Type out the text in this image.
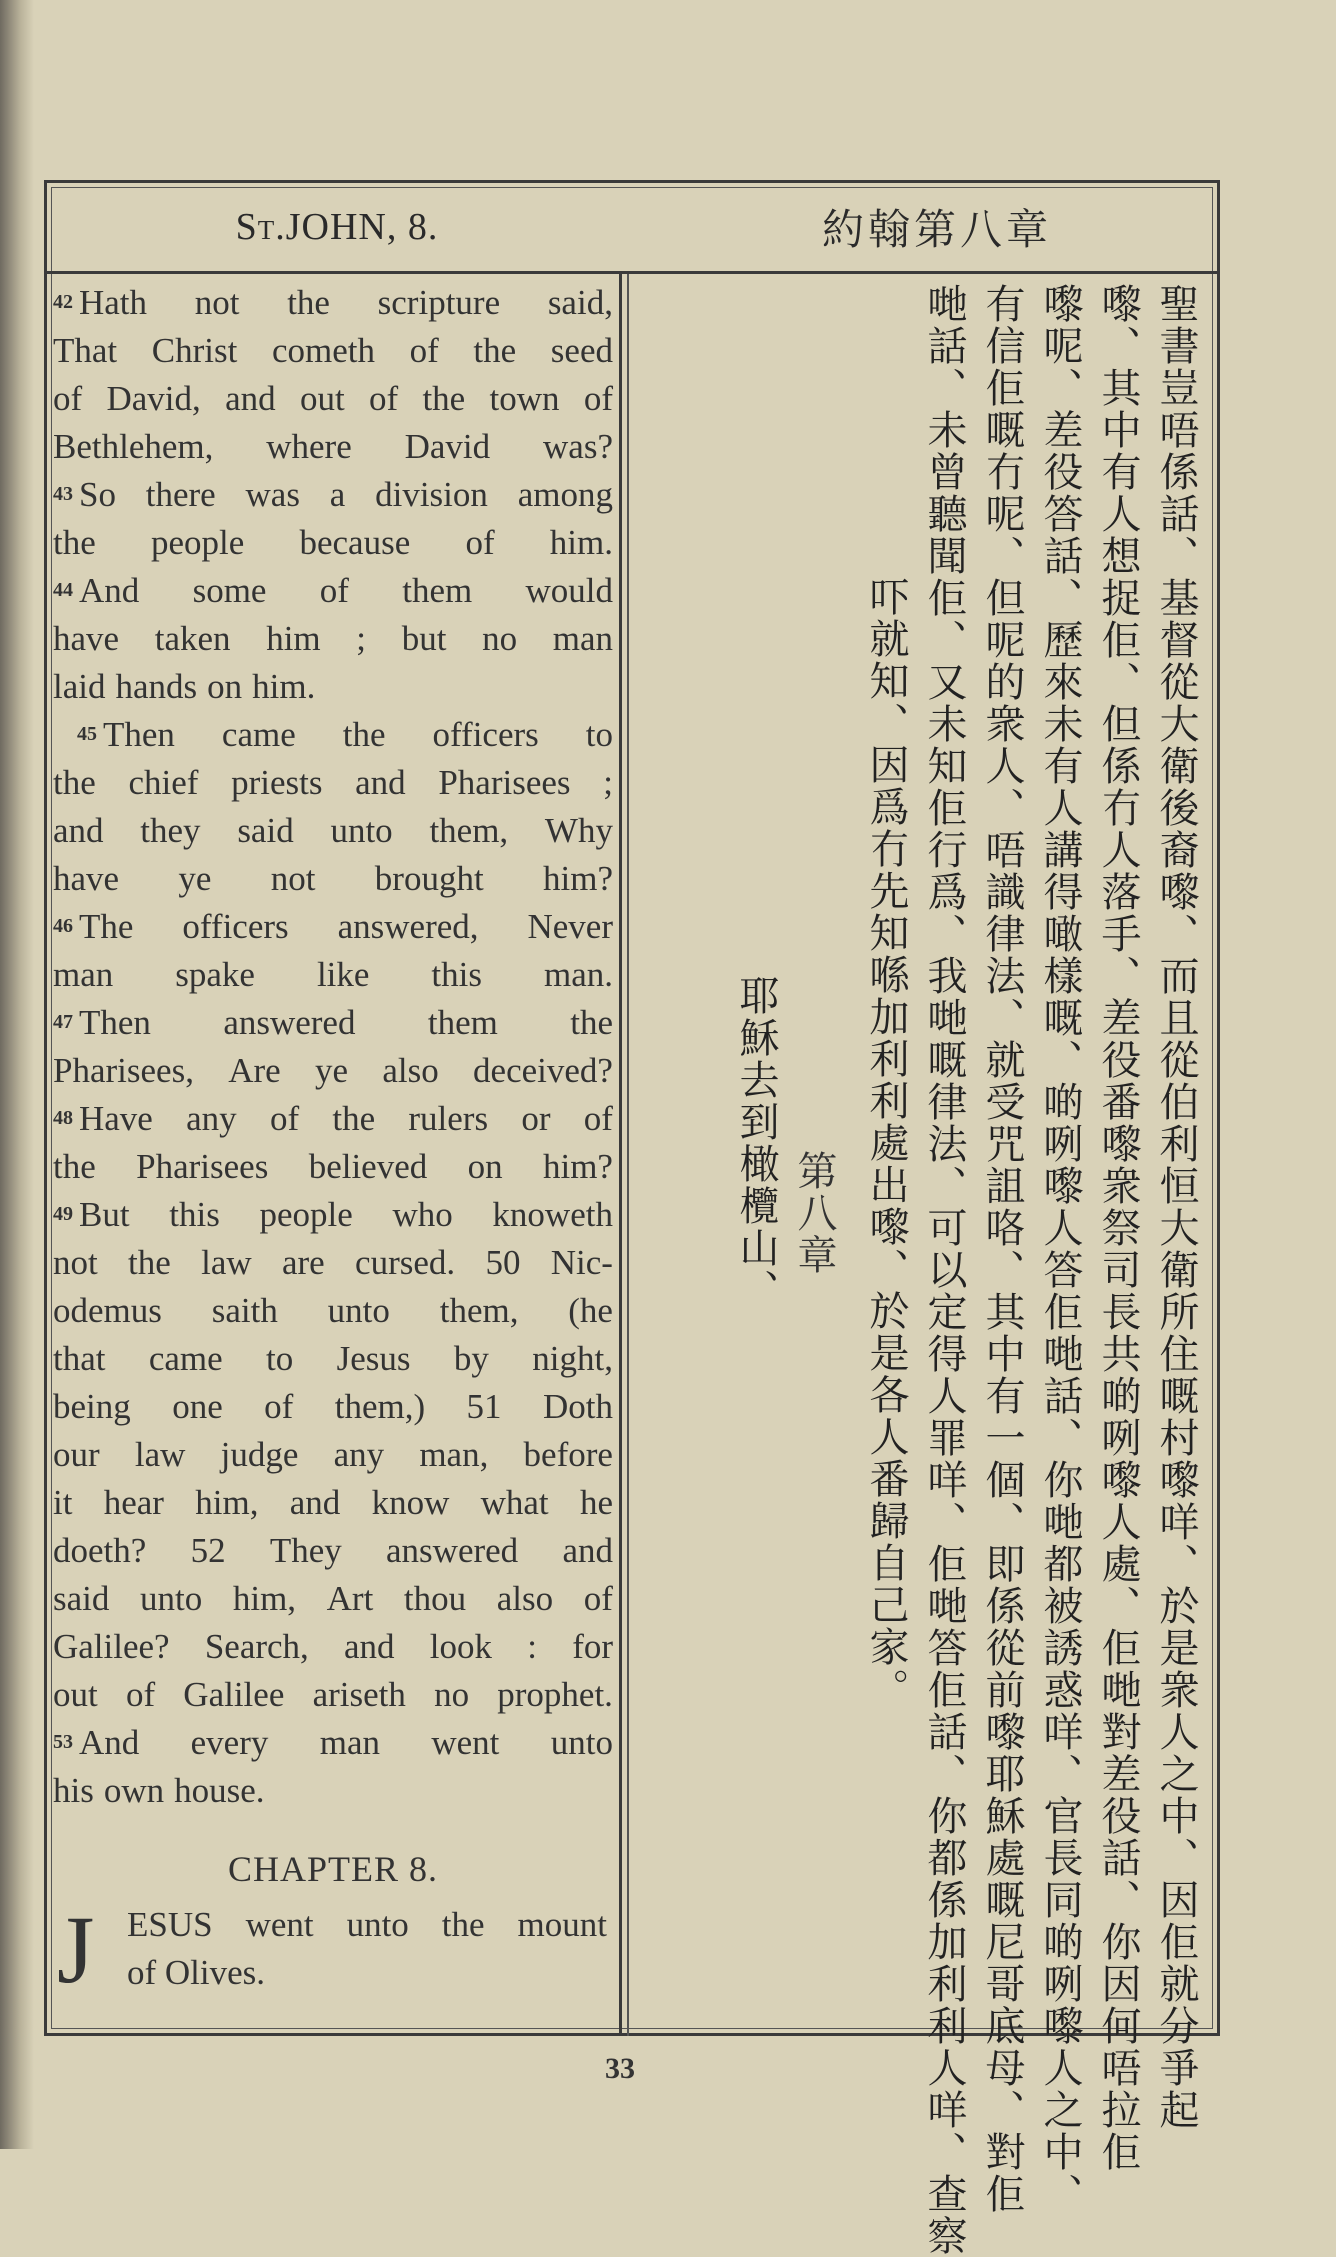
St. JOHN, 8.	約翰第八章
42 Hath not the scripture said,
That Christ cometh of the seed
of David, and out of the town of
Bethlehem, where David was?
43 So there was a division among
the people because of him.
44 And some of them would
have taken him ; but no man
laid hands on him.
45 Then came the officers to
the chief priests and Pharisees ;
and they said unto them, Why
have ye not brought him?
46 The officers answered, Never
man spake like this man.
47 Then answered them the
Pharisees, Are ye also deceived?
48 Have any of the rulers or of
the Pharisees believed on him?
49 But this people who knoweth
not the law are cursed. 50 Nic-
odemus saith unto them, (he
that came to Jesus by night,
being one of them,) 51 Doth
our law judge any man, before
it hear him, and know what he
doeth? 52 They answered and
said unto him, Art thou also of
Galilee? Search, and look : for
out of Galilee ariseth no prophet.
53 And every man went unto
his own house.
CHAPTER 8.
J ESUS went unto the mount
of Olives.	聖書豈唔係話、基督從大衛後裔嚟、而且從伯利恒大衛所住嘅村嚟咩、於是衆人之中、因佢就分爭起
嚟、其中有人想捉佢、但係冇人落手、差役番嚟衆祭司長共啲咧嚟人處、佢哋對差役話、你因何唔拉佢
嚟呢、差役答話、歷來未有人講得噉樣嘅、啲咧嚟人答佢哋話、你哋都被誘惑咩、官長同啲咧嚟人之中、
有信佢嘅冇呢、但呢的衆人、唔識律法、就受咒詛咯、其中有一個、即係從前嚟耶穌處嘅尼哥底母、對佢
哋話、未曾聽聞佢、又未知佢行爲、我哋嘅律法、可以定得人罪咩、佢哋答佢話、你都係加利利人咩、查察
吓就知、因爲冇先知喺加利利處出嚟、於是各人番歸自己家。
第八章
耶穌去到橄欖山、
33
